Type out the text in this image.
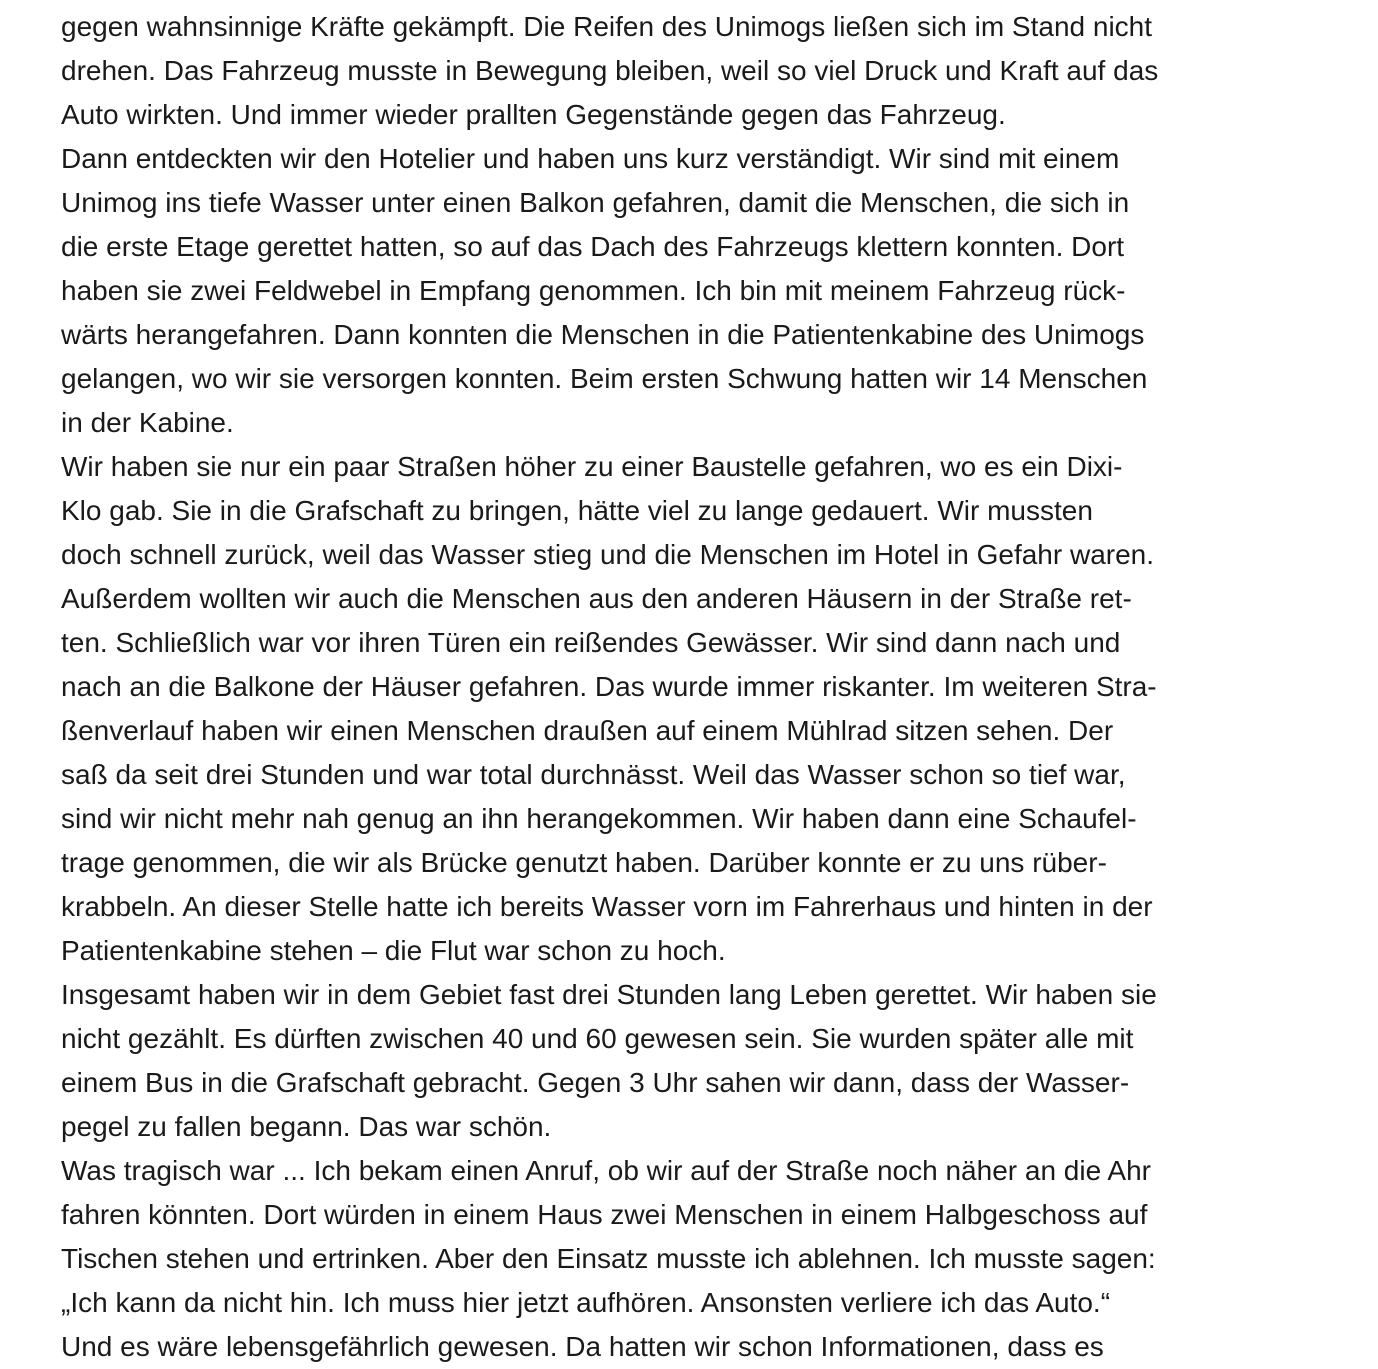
gegen wahnsinnige Kräfte gekämpft. Die Reifen des Unimogs ließen sich im Stand nicht
drehen. Das Fahrzeug musste in Bewegung bleiben, weil so viel Druck und Kraft auf das
Auto wirkten. Und immer wieder prallten Gegenstände gegen das Fahrzeug.
Dann entdeckten wir den Hotelier und haben uns kurz verständigt. Wir sind mit einem
Unimog ins tiefe Wasser unter einen Balkon gefahren, damit die Menschen, die sich in
die erste Etage gerettet hatten, so auf das Dach des Fahrzeugs klettern konnten. Dort
haben sie zwei Feldwebel in Empfang genommen. Ich bin mit meinem Fahrzeug rück-
wärts herangefahren. Dann konnten die Menschen in die Patientenkabine des Unimogs
gelangen, wo wir sie versorgen konnten. Beim ersten Schwung hatten wir 14 Menschen
in der Kabine.
Wir haben sie nur ein paar Straßen höher zu einer Baustelle gefahren, wo es ein Dixi-
Klo gab. Sie in die Grafschaft zu bringen, hätte viel zu lange gedauert. Wir mussten
doch schnell zurück, weil das Wasser stieg und die Menschen im Hotel in Gefahr waren.
Außerdem wollten wir auch die Menschen aus den anderen Häusern in der Straße ret-
ten. Schließlich war vor ihren Türen ein reißendes Gewässer. Wir sind dann nach und
nach an die Balkone der Häuser gefahren. Das wurde immer riskanter. Im weiteren Stra-
ßenverlauf haben wir einen Menschen draußen auf einem Mühlrad sitzen sehen. Der
saß da seit drei Stunden und war total durchnässt. Weil das Wasser schon so tief war,
sind wir nicht mehr nah genug an ihn herangekommen. Wir haben dann eine Schaufel-
trage genommen, die wir als Brücke genutzt haben. Darüber konnte er zu uns rüber-
krabbeln. An dieser Stelle hatte ich bereits Wasser vorn im Fahrerhaus und hinten in der
Patientenkabine stehen – die Flut war schon zu hoch.
Insgesamt haben wir in dem Gebiet fast drei Stunden lang Leben gerettet. Wir haben sie
nicht gezählt. Es dürften zwischen 40 und 60 gewesen sein. Sie wurden später alle mit
einem Bus in die Grafschaft gebracht. Gegen 3 Uhr sahen wir dann, dass der Wasser-
pegel zu fallen begann. Das war schön.
Was tragisch war ... Ich bekam einen Anruf, ob wir auf der Straße noch näher an die Ahr
fahren könnten. Dort würden in einem Haus zwei Menschen in einem Halbgeschoss auf
Tischen stehen und ertrinken. Aber den Einsatz musste ich ablehnen. Ich musste sagen:
„Ich kann da nicht hin. Ich muss hier jetzt aufhören. Ansonsten verliere ich das Auto.“
Und es wäre lebensgefährlich gewesen. Da hatten wir schon Informationen, dass es
